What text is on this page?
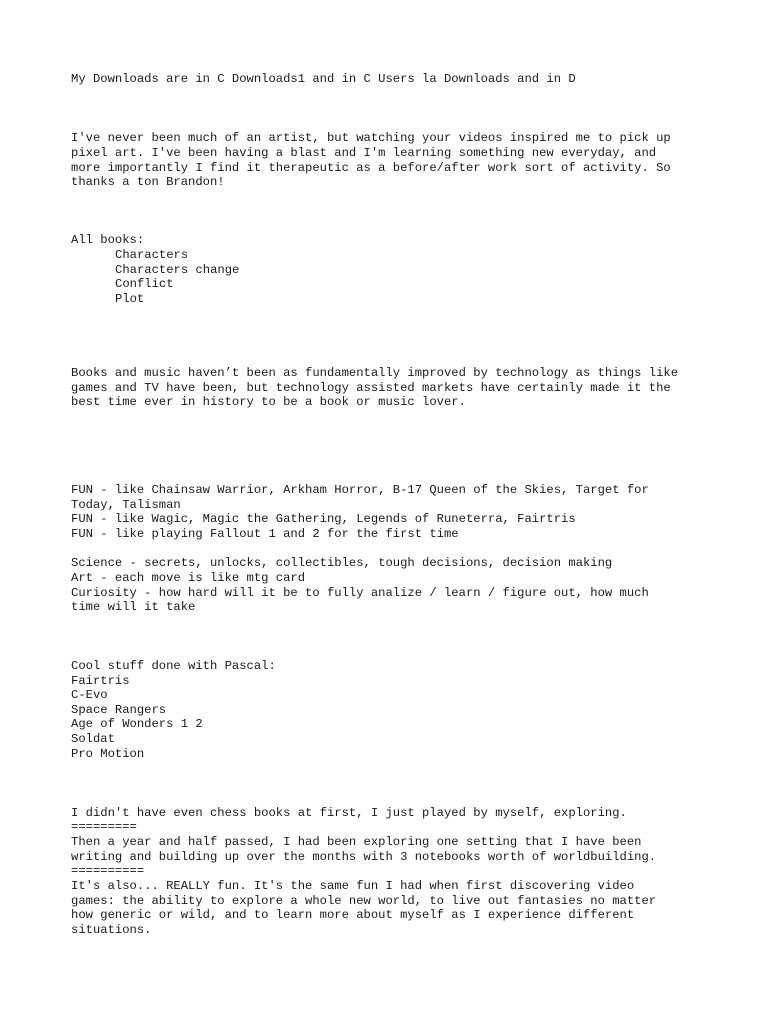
My Downloads are in C Downloads1 and in C Users la Downloads and in D

I've never been much of an artist, but watching your videos inspired me to pick up

pixel art. I've been having a blast and I'm learning something new everyday, and

more importantly I find it therapeutic as a before/after work sort of activity. So

thanks a ton Brandon!

All books:

Characters

Characters change

Conflict

Plot

Books and music haven’t been as fundamentally improved by technology as things like

games and TV have been, but technology assisted markets have certainly made it the

best time ever in history to be a book or music lover.

FUN - like Chainsaw Warrior, Arkham Horror, B-17 Queen of the Skies, Target for

Today, Talisman

FUN - like Wagic, Magic the Gathering, Legends of Runeterra, Fairtris

FUN - like playing Fallout 1 and 2 for the first time

Science - secrets, unlocks, collectibles, tough decisions, decision making

Art - each move is like mtg card

Curiosity - how hard will it be to fully analize / learn / figure out, how much

time will it take

Cool stuff done with Pascal:

Fairtris

C-Evo

Space Rangers

Age of Wonders 1 2

Soldat

Pro Motion

I didn't have even chess books at first, I just played by myself, exploring.

=========

Then a year and half passed, I had been exploring one setting that I have been

writing and building up over the months with 3 notebooks worth of worldbuilding.

==========

It's also... REALLY fun. It's the same fun I had when first discovering video

games: the ability to explore a whole new world, to live out fantasies no matter

how generic or wild, and to learn more about myself as I experience different

situations.
